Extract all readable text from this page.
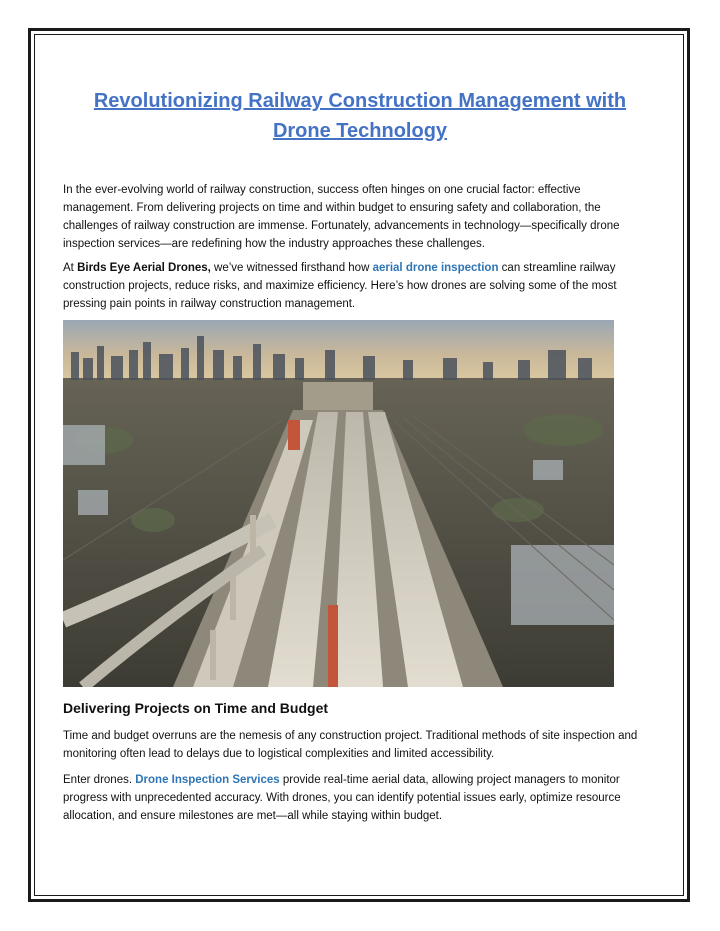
Revolutionizing Railway Construction Management with Drone Technology

In the ever-evolving world of railway construction, success often hinges on one crucial factor: effective management. From delivering projects on time and within budget to ensuring safety and collaboration, the challenges of railway construction are immense. Fortunately, advancements in technology—specifically drone inspection services—are redefining how the industry approaches these challenges.

At Birds Eye Aerial Drones, we’ve witnessed firsthand how aerial drone inspection can streamline railway construction projects, reduce risks, and maximize efficiency. Here’s how drones are solving some of the most pressing pain points in railway construction management.

Delivering Projects on Time and Budget

Time and budget overruns are the nemesis of any construction project. Traditional methods of site inspection and monitoring often lead to delays due to logistical complexities and limited accessibility.

Enter drones. Drone Inspection Services provide real-time aerial data, allowing project managers to monitor progress with unprecedented accuracy. With drones, you can identify potential issues early, optimize resource allocation, and ensure milestones are met—all while staying within budget.
